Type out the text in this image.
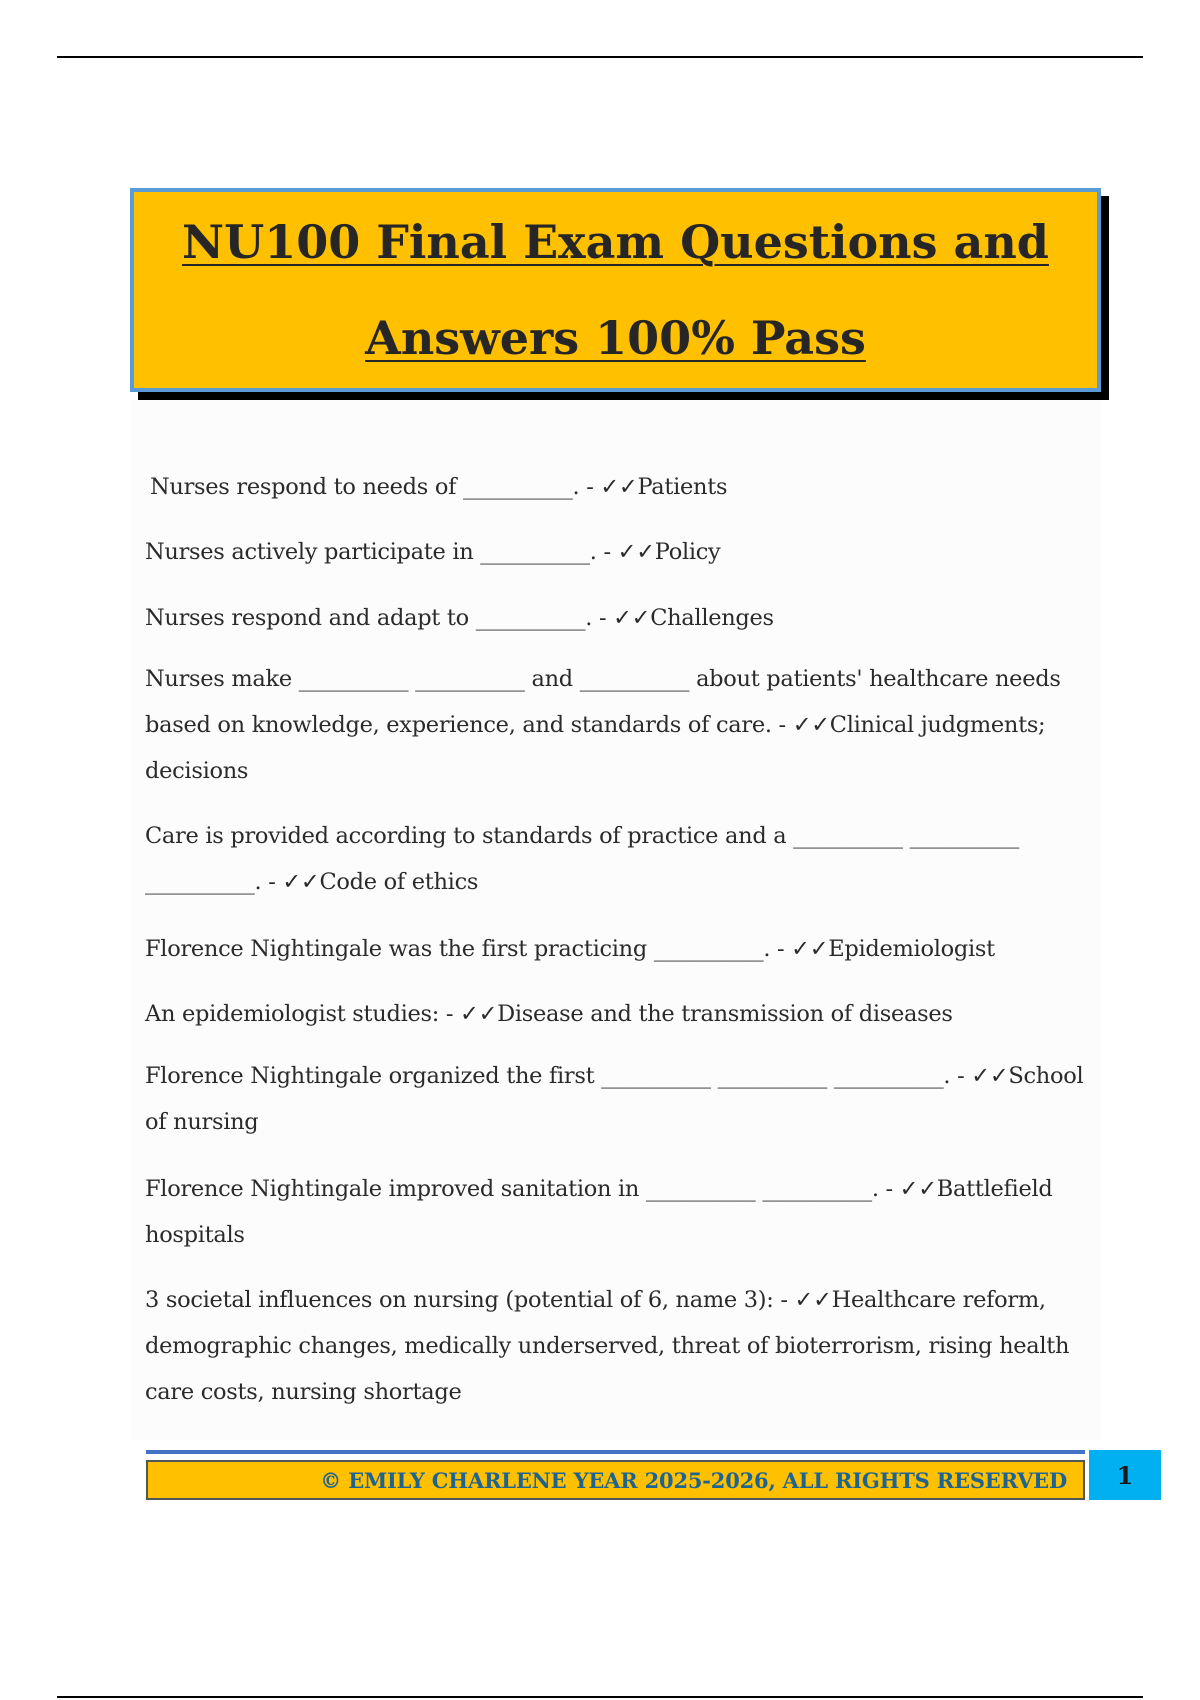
NU100 Final Exam Questions and
Answers 100% Pass

Nurses respond to needs of __________. - ✓✓Patients

Nurses actively participate in __________. - ✓✓Policy

Nurses respond and adapt to __________. - ✓✓Challenges

Nurses make __________ __________ and __________ about patients' healthcare needs based on knowledge, experience, and standards of care. - ✓✓Clinical judgments; decisions

Care is provided according to standards of practice and a __________ __________ __________. - ✓✓Code of ethics

Florence Nightingale was the first practicing __________. - ✓✓Epidemiologist

An epidemiologist studies: - ✓✓Disease and the transmission of diseases

Florence Nightingale organized the first __________ __________ __________. - ✓✓School of nursing

Florence Nightingale improved sanitation in __________ __________. - ✓✓Battlefield hospitals

3 societal influences on nursing (potential of 6, name 3): - ✓✓Healthcare reform, demographic changes, medically underserved, threat of bioterrorism, rising health care costs, nursing shortage

© EMILY CHARLENE YEAR 2025-2026, ALL RIGHTS RESERVED	1
